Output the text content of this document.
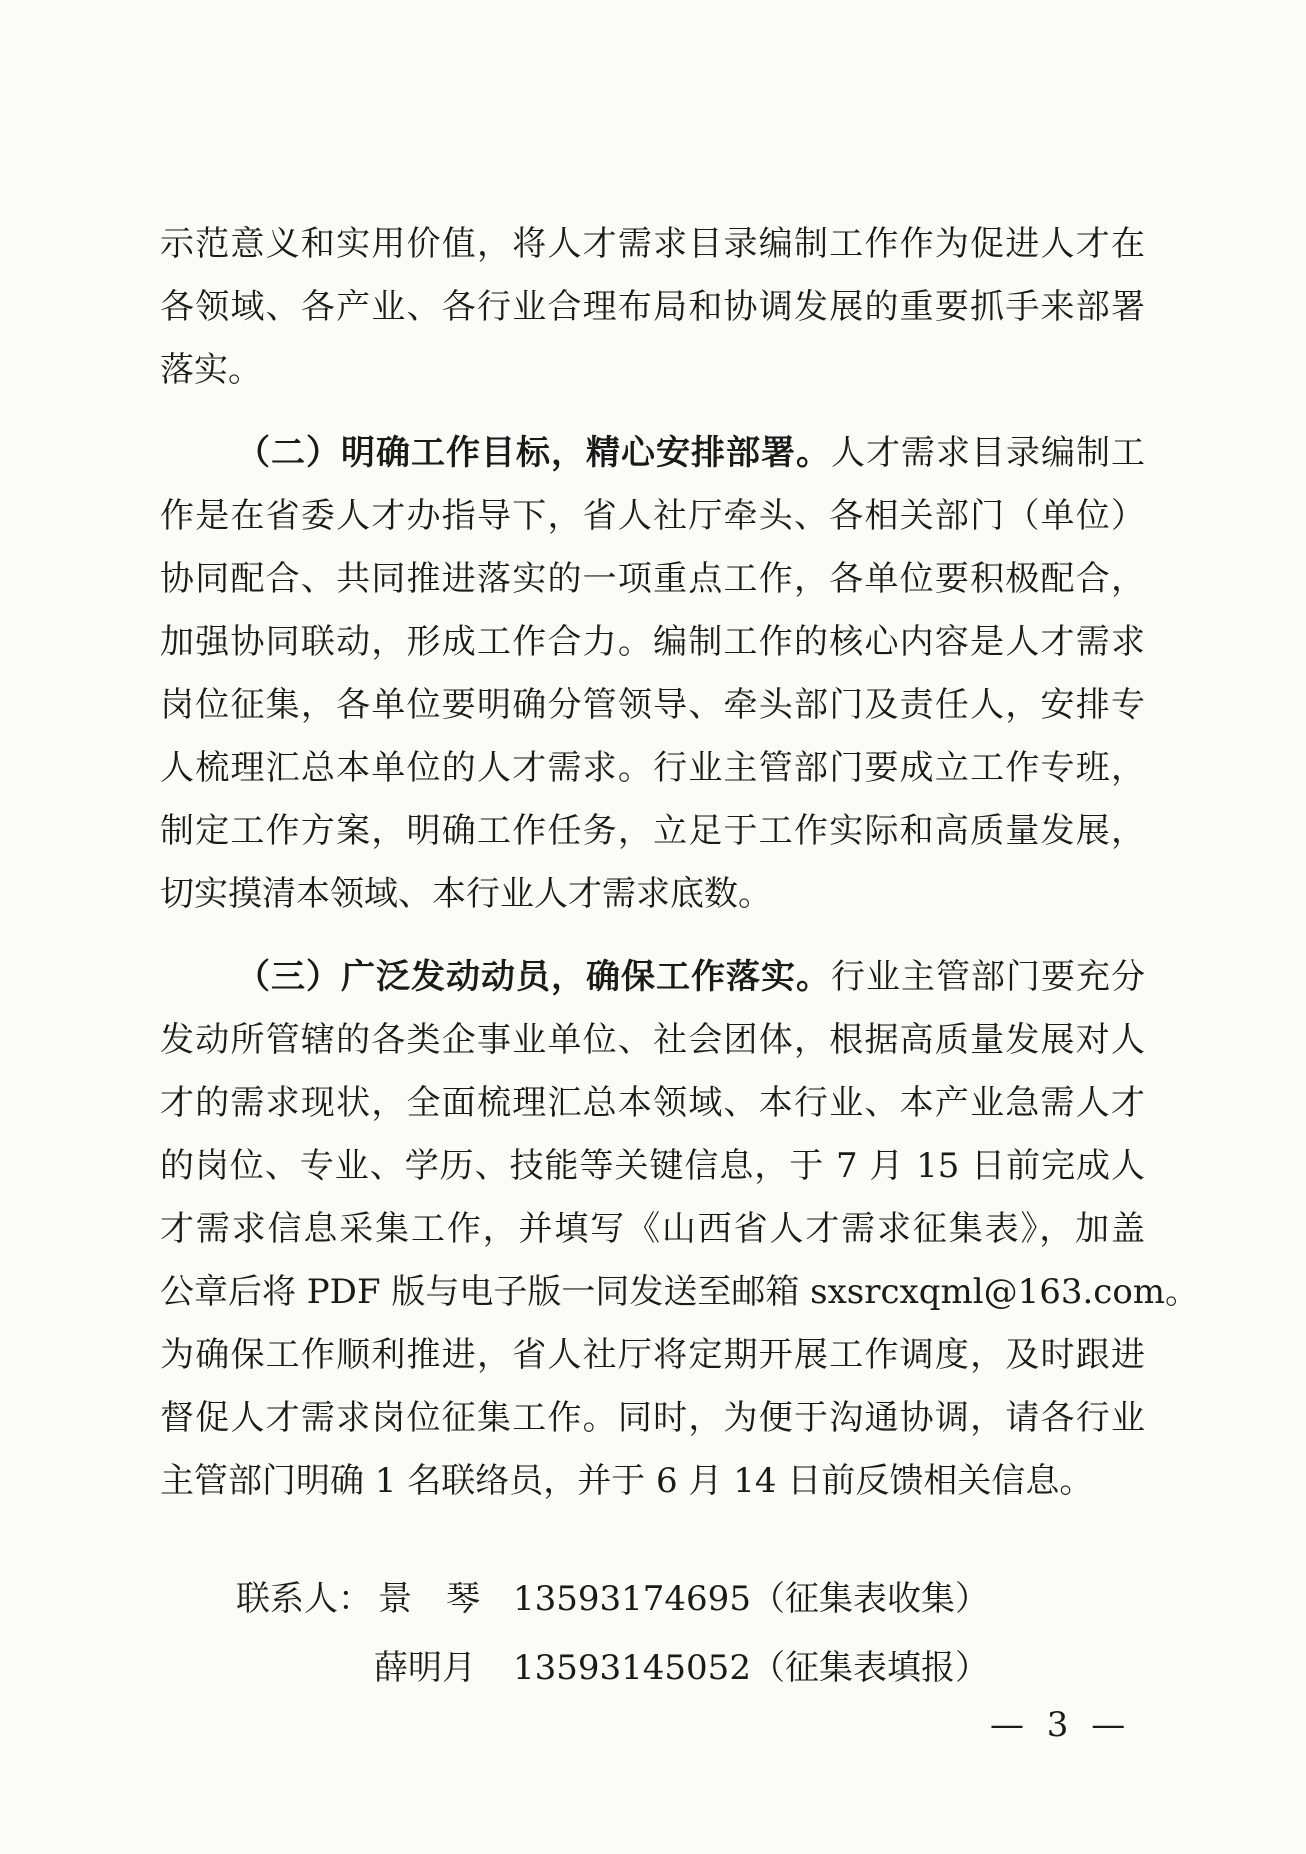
示范意义和实用价值，将人才需求目录编制工作作为促进人才在
各领域、各产业、各行业合理布局和协调发展的重要抓手来部署
落实。
（二）明确工作目标，精心安排部署。人才需求目录编制工
作是在省委人才办指导下，省人社厅牵头、各相关部门（单位）
协同配合、共同推进落实的一项重点工作，各单位要积极配合，
加强协同联动，形成工作合力。编制工作的核心内容是人才需求
岗位征集，各单位要明确分管领导、牵头部门及责任人，安排专
人梳理汇总本单位的人才需求。行业主管部门要成立工作专班，
制定工作方案，明确工作任务，立足于工作实际和高质量发展，
切实摸清本领域、本行业人才需求底数。
（三）广泛发动动员，确保工作落实。行业主管部门要充分
发动所管辖的各类企事业单位、社会团体，根据高质量发展对人
才的需求现状，全面梳理汇总本领域、本行业、本产业急需人才
的岗位、专业、学历、技能等关键信息，于 7 月 15 日前完成人
才需求信息采集工作，并填写《山西省人才需求征集表》，加盖
公章后将 PDF 版与电子版一同发送至邮箱 sxsrcxqml@163.com。
为确保工作顺利推进，省人社厅将定期开展工作调度，及时跟进
督促人才需求岗位征集工作。同时，为便于沟通协调，请各行业
主管部门明确 1 名联络员，并于 6 月 14 日前反馈相关信息。
联系人： 景　琴 13593174695（征集表收集）
薛明月 13593145052（征集表填报）
— 3 —
